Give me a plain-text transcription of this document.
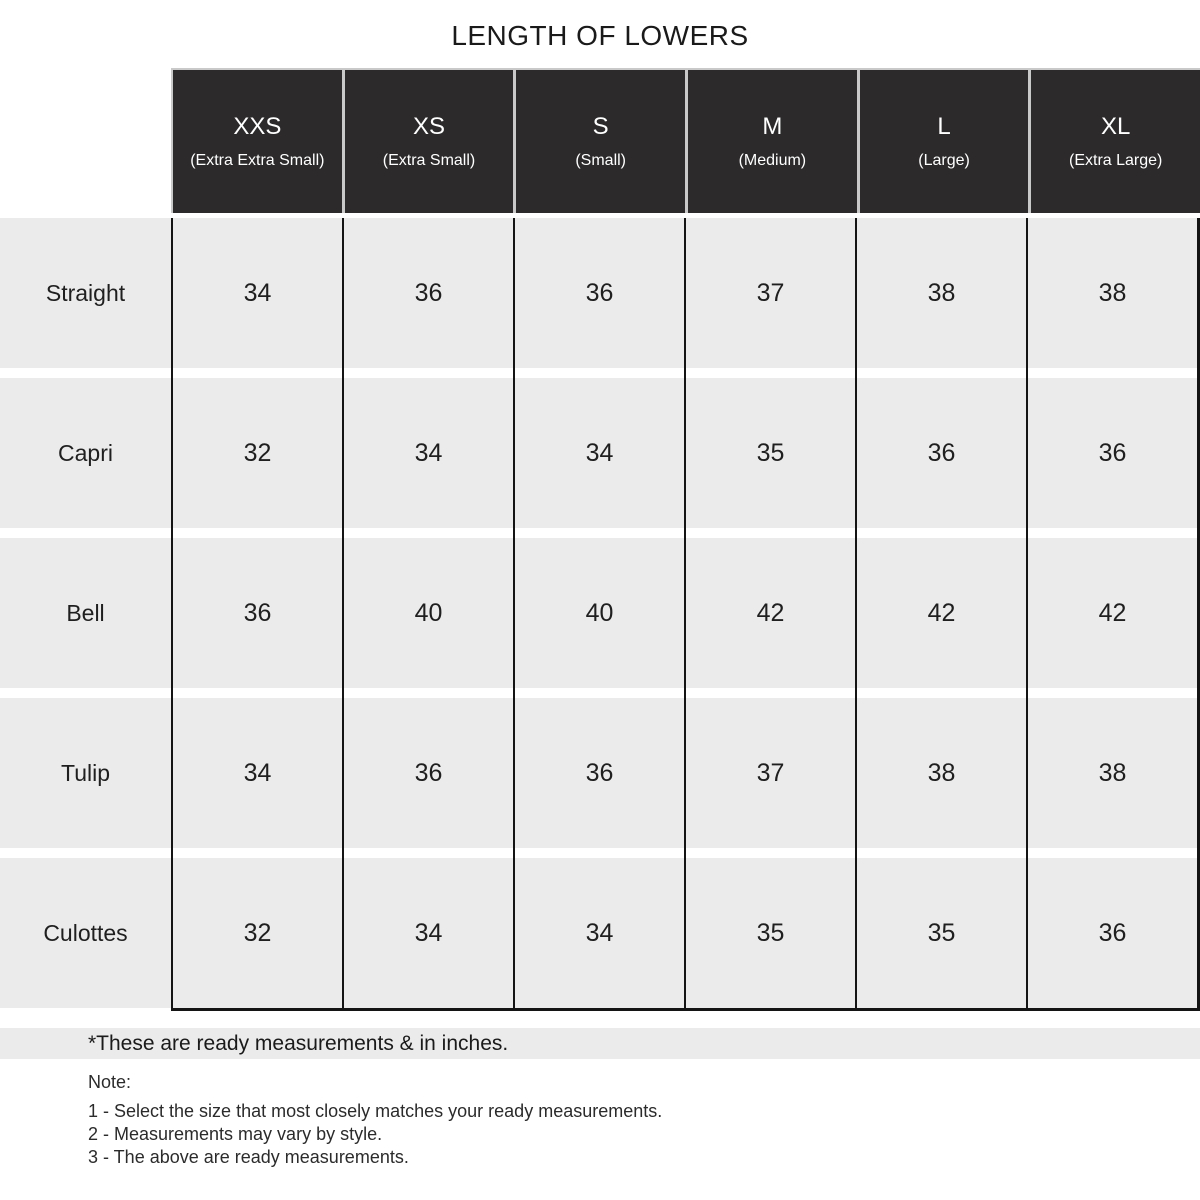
LENGTH OF LOWERS
XXS
(Extra Extra Small)
XS
(Extra Small)
S
(Small)
M
(Medium)
L
(Large)
XL
(Extra Large)
Straight
Capri
Bell
Tulip
Culottes
34
32
36
34
32
36
34
40
36
34
36
34
40
36
34
37
35
42
37
35
38
36
42
38
35
38
36
42
38
36
*These are ready measurements & in inches.
Note:
1 - Select the size that most closely matches your ready measurements.
2 - Measurements may vary by style.
3 - The above are ready measurements.
